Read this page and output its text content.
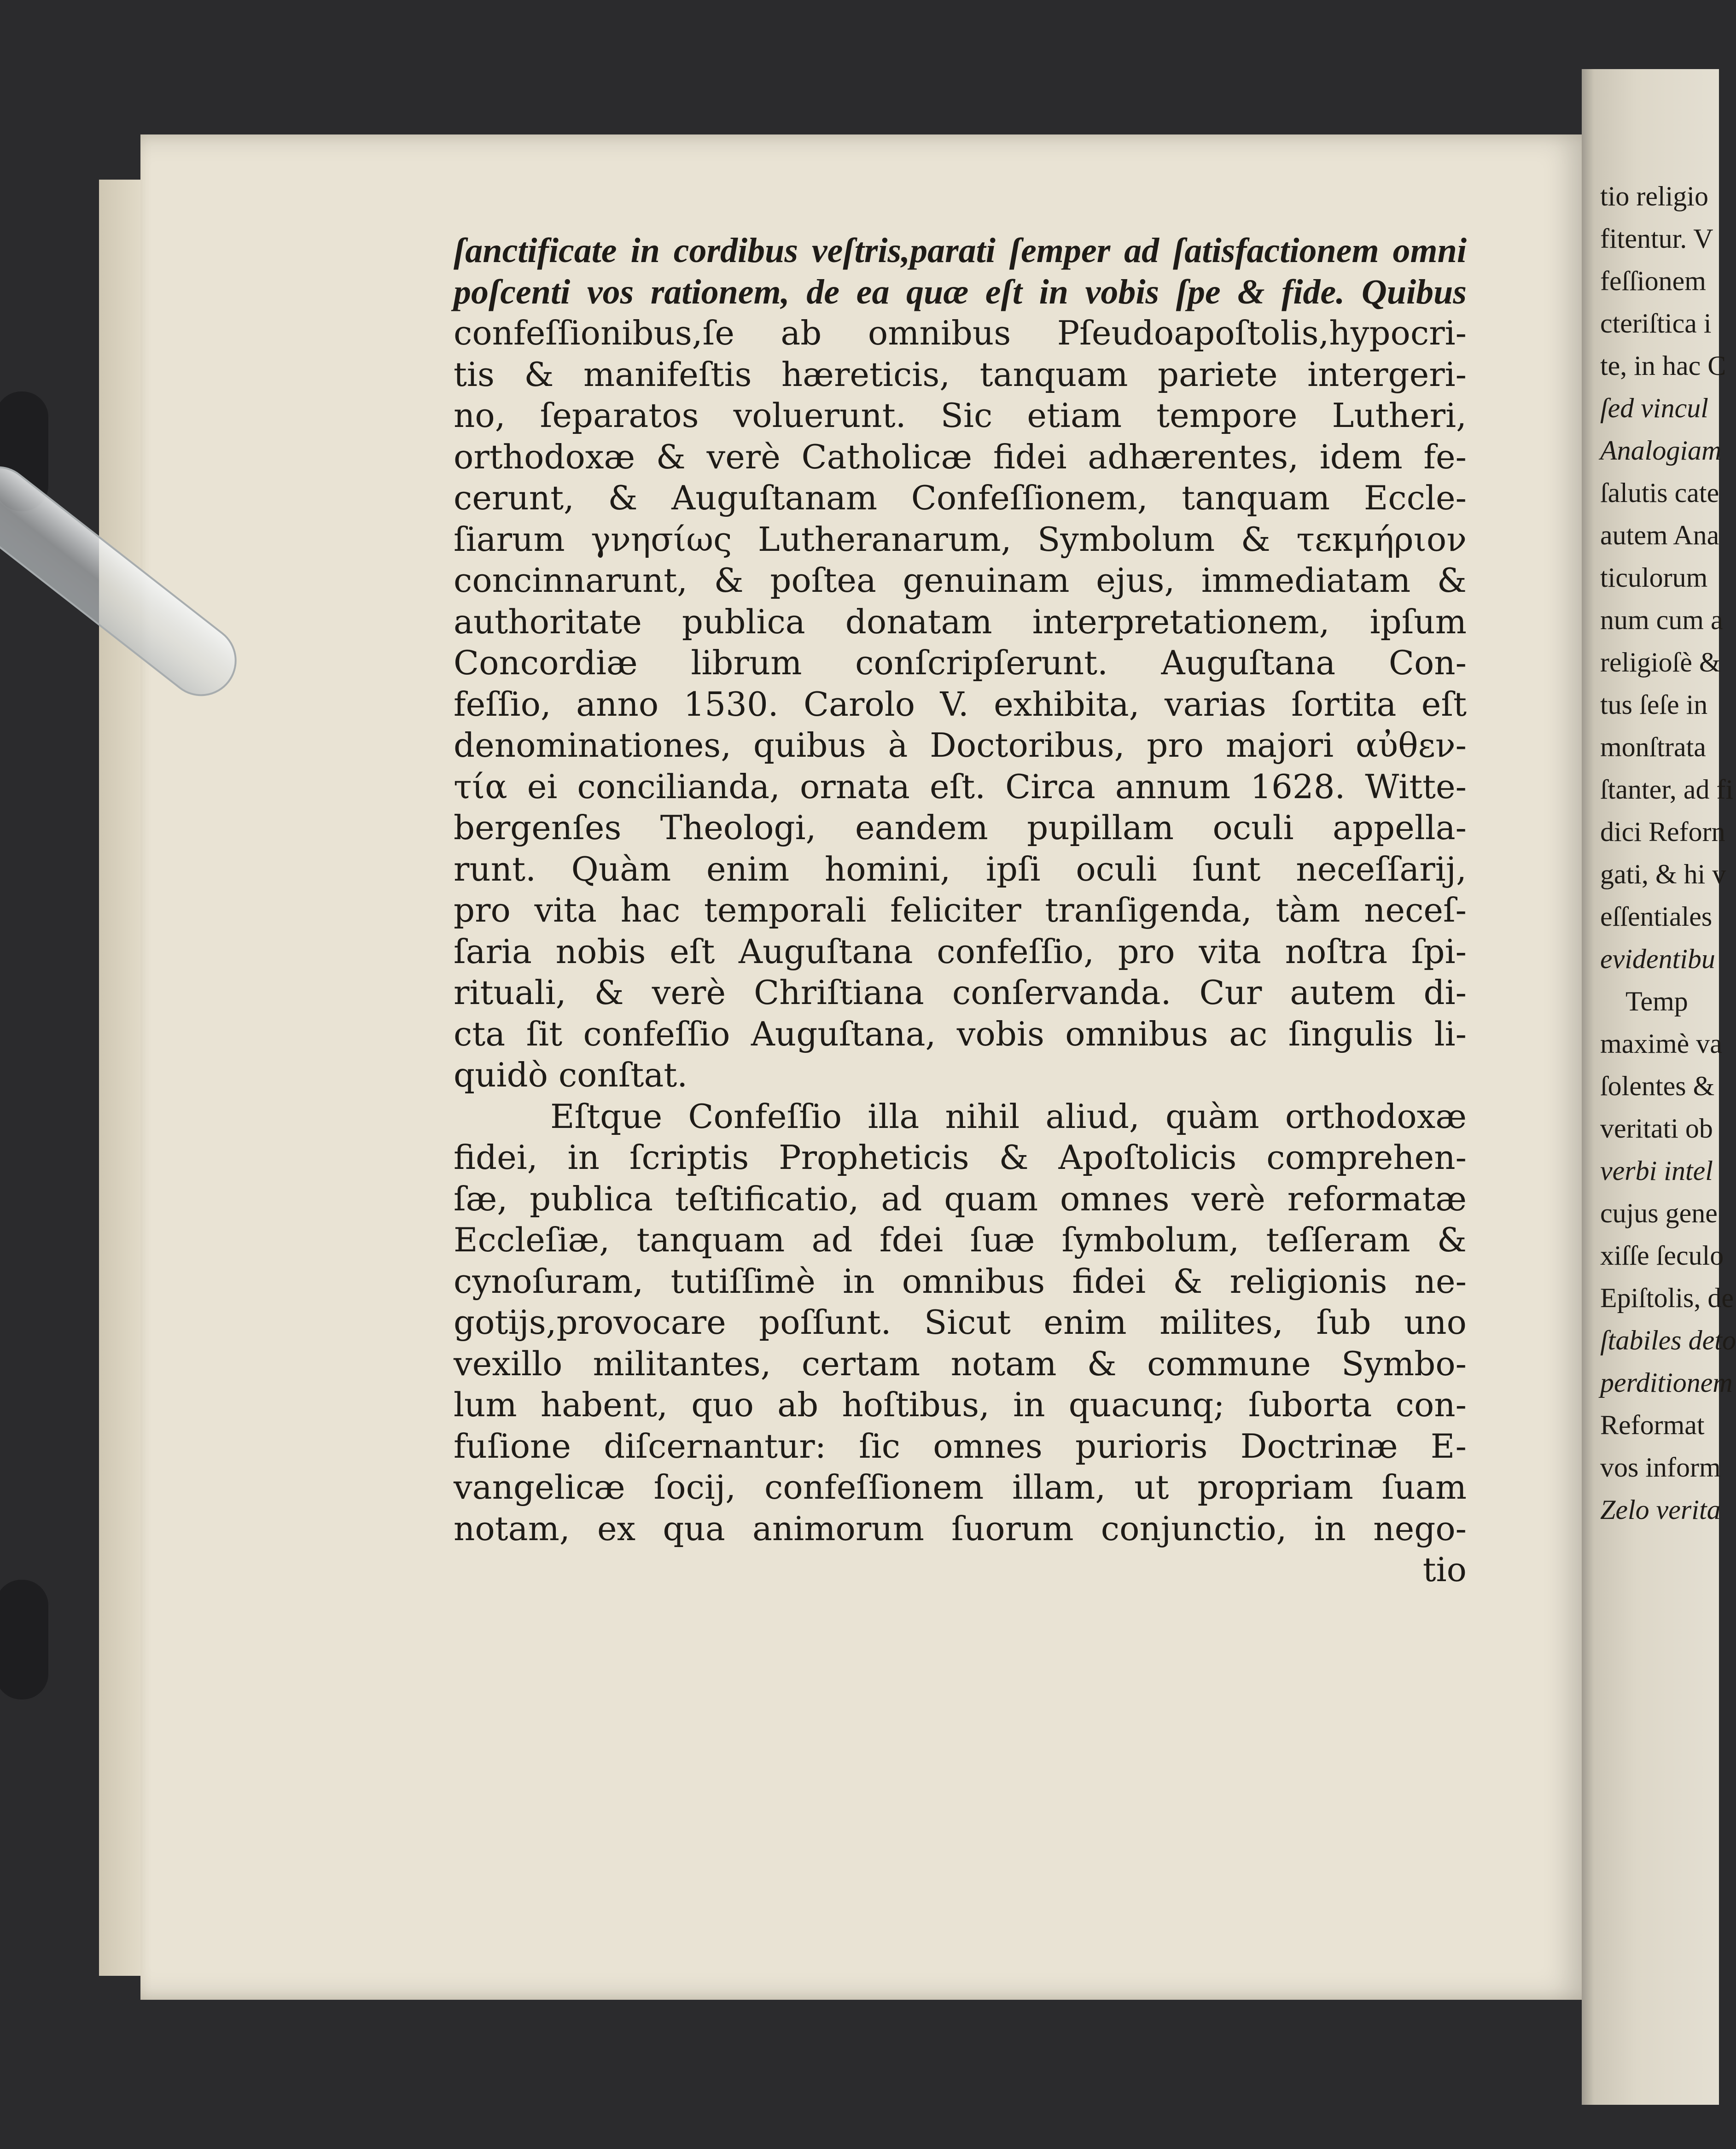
ſanctificate in cordibus veſtris,parati ſemper ad ſatisfactionem omni
poſcenti vos rationem, de ea quæ eſt in vobis ſpe & fide. Quibus
confeſſionibus,ſe ab omnibus Pſeudoapoſtolis,hypocri-
tis & manifeſtis hæreticis, tanquam pariete intergeri-
no, ſeparatos voluerunt. Sic etiam tempore Lutheri,
orthodoxæ & verè Catholicæ fidei adhærentes, idem fe-
cerunt, & Auguſtanam Confeſſionem, tanquam Eccle-
ſiarum γνησίως Lutheranarum, Symbolum & τεκμήριον
concinnarunt, & poſtea genuinam ejus, immediatam &
authoritate publica donatam interpretationem, ipſum
Concordiæ librum conſcripſerunt. Auguſtana Con-
feſſio, anno 1530. Carolo V. exhibita, varias ſortita eſt
denominationes, quibus à Doctoribus, pro majori αὐθεν-
τία ei concilianda, ornata eſt. Circa annum 1628. Witte-
bergenſes Theologi, eandem pupillam oculi appella-
runt. Quàm enim homini, ipſi oculi ſunt neceſſarij,
pro vita hac temporali feliciter tranſigenda, tàm neceſ-
ſaria nobis eſt Auguſtana confeſſio, pro vita noſtra ſpi-
rituali, & verè Chriſtiana conſervanda. Cur autem di-
cta ſit confeſſio Auguſtana, vobis omnibus ac ſingulis li-
quidò conſtat.
Eſtque Confeſſio illa nihil aliud, quàm orthodoxæ
fidei, in ſcriptis Propheticis & Apoſtolicis comprehen-
ſæ, publica teſtificatio, ad quam omnes verè reformatæ
Eccleſiæ, tanquam ad fdei ſuæ ſymbolum, teſſeram &
cynoſuram, tutiſſimè in omnibus fidei & religionis ne-
gotijs,provocare poſſunt. Sicut enim milites, ſub uno
vexillo militantes, certam notam & commune Symbo-
lum habent, quo ab hoſtibus, in quacunq; ſuborta con-
fuſione diſcernantur: ſic omnes purioris Doctrinæ E-
vangelicæ ſocij, confeſſionem illam, ut propriam ſuam
notam, ex qua animorum ſuorum conjunctio, in nego-
tio
tio religio
fitentur. V
feſſionem
cteriſtica i
te, in hac C
ſed vincul
Analogiam
ſalutis cate
autem Ana
ticulorum
num cum a
religioſè &
tus ſeſe in
monſtrata
ſtanter, ad fi
dici Reforn
gati, & hi v
eſſentiales
evidentibu
Temp
maximè va
ſolentes &
veritati ob
verbi intel
cujus gene
xiſſe ſeculo
Epiſtolis, de
ſtabiles deto
perditionem
Reformat
vos inform
Zelo verita
